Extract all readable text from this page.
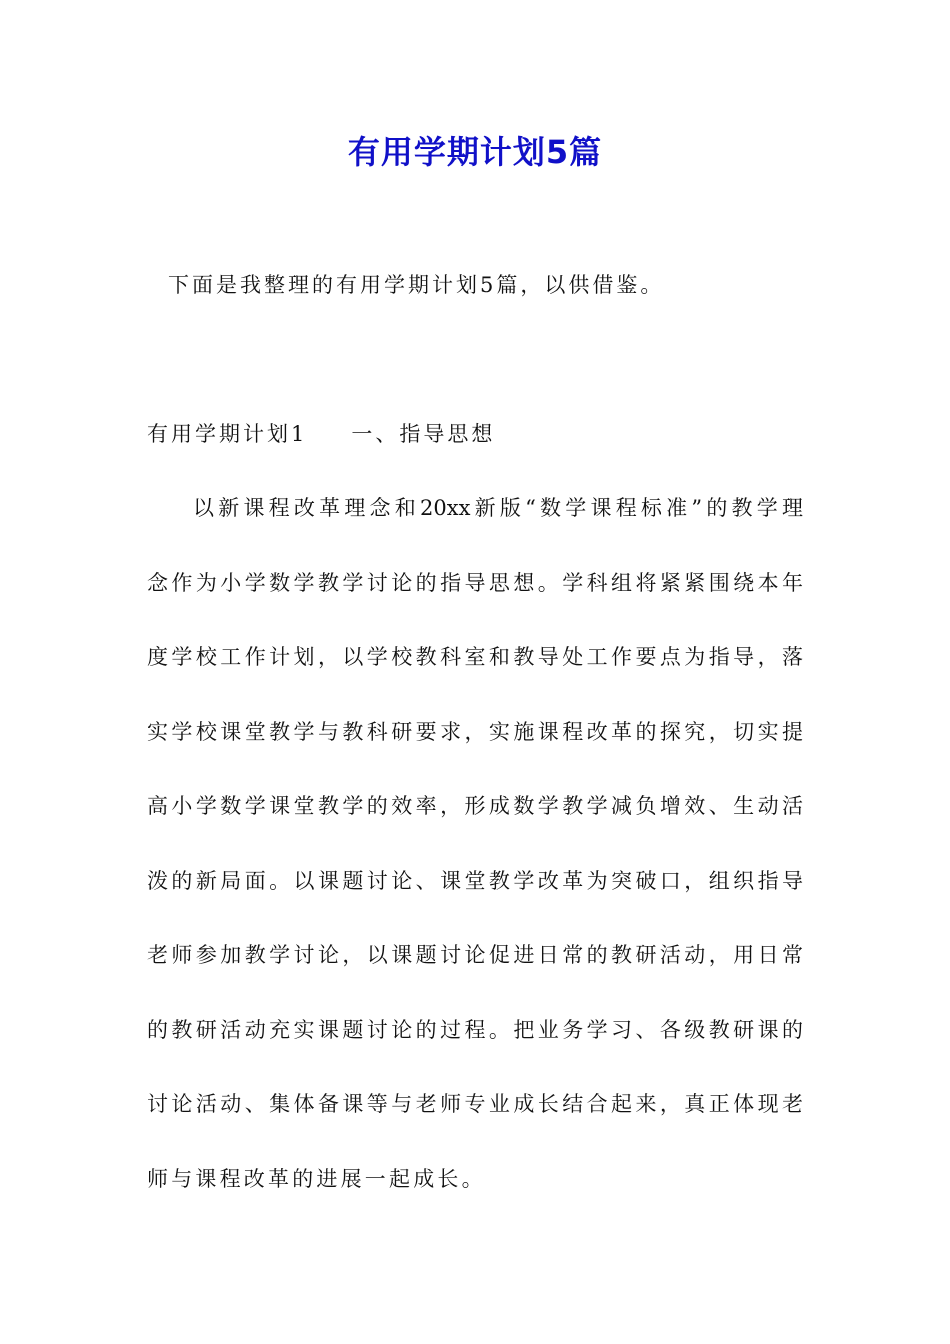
有用学期计划5篇

下面是我整理的有用学期计划5篇，以供借鉴。

有用学期计划1 一、指导思想

以新课程改革理念和20xx新版“数学课程标准”的教学理
念作为小学数学教学讨论的指导思想。学科组将紧紧围绕本年
度学校工作计划，以学校教科室和教导处工作要点为指导，落
实学校课堂教学与教科研要求，实施课程改革的探究，切实提
高小学数学课堂教学的效率，形成数学教学减负增效、生动活
泼的新局面。以课题讨论、课堂教学改革为突破口，组织指导
老师参加教学讨论，以课题讨论促进日常的教研活动，用日常
的教研活动充实课题讨论的过程。把业务学习、各级教研课的
讨论活动、集体备课等与老师专业成长结合起来，真正体现老
师与课程改革的进展一起成长。
